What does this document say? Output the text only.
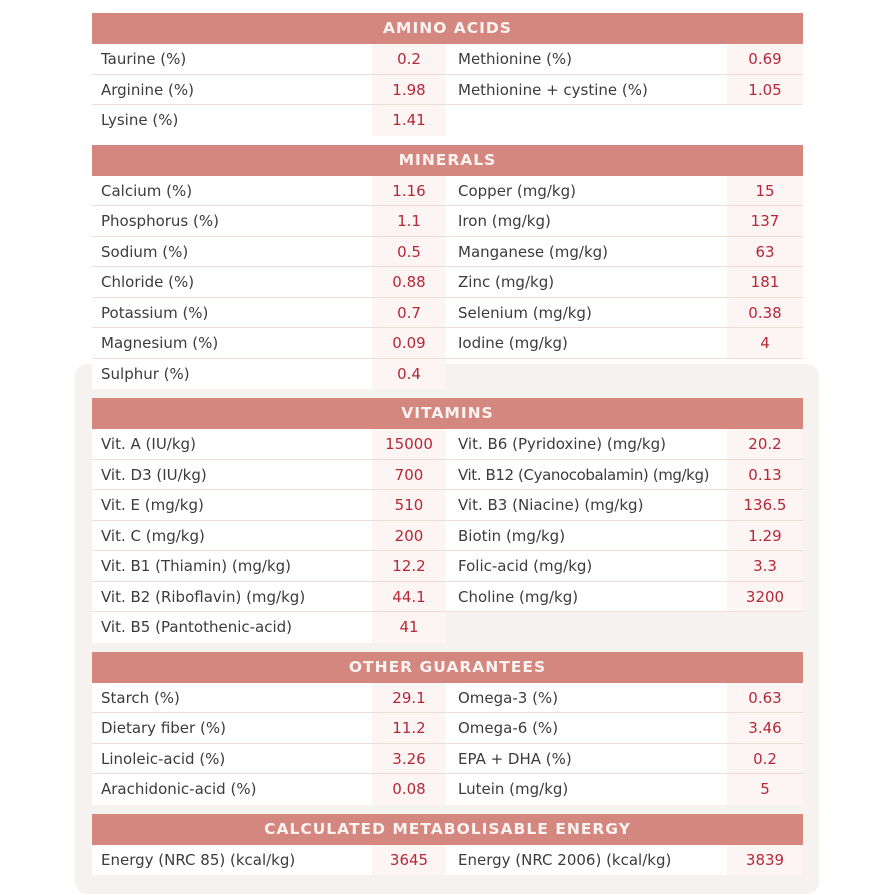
AMINO ACIDS
Taurine (%)	0.2	Methionine (%)	0.69
Arginine (%)	1.98	Methionine + cystine (%)	1.05
Lysine (%)	1.41
MINERALS
Calcium (%)	1.16	Copper (mg/kg)	15
Phosphorus (%)	1.1	Iron (mg/kg)	137
Sodium (%)	0.5	Manganese (mg/kg)	63
Chloride (%)	0.88	Zinc (mg/kg)	181
Potassium (%)	0.7	Selenium (mg/kg)	0.38
Magnesium (%)	0.09	Iodine (mg/kg)	4
Sulphur (%)	0.4
VITAMINS
Vit. A (IU/kg)	15000	Vit. B6 (Pyridoxine) (mg/kg)	20.2
Vit. D3 (IU/kg)	700	Vit. B12 (Cyanocobalamin) (mg/kg)	0.13
Vit. E (mg/kg)	510	Vit. B3 (Niacine) (mg/kg)	136.5
Vit. C (mg/kg)	200	Biotin (mg/kg)	1.29
Vit. B1 (Thiamin) (mg/kg)	12.2	Folic-acid (mg/kg)	3.3
Vit. B2 (Riboflavin) (mg/kg)	44.1	Choline (mg/kg)	3200
Vit. B5 (Pantothenic-acid)	41
OTHER GUARANTEES
Starch (%)	29.1	Omega-3 (%)	0.63
Dietary fiber (%)	11.2	Omega-6 (%)	3.46
Linoleic-acid (%)	3.26	EPA + DHA (%)	0.2
Arachidonic-acid (%)	0.08	Lutein (mg/kg)	5
CALCULATED METABOLISABLE ENERGY
Energy (NRC 85) (kcal/kg)	3645	Energy (NRC 2006) (kcal/kg)	3839
